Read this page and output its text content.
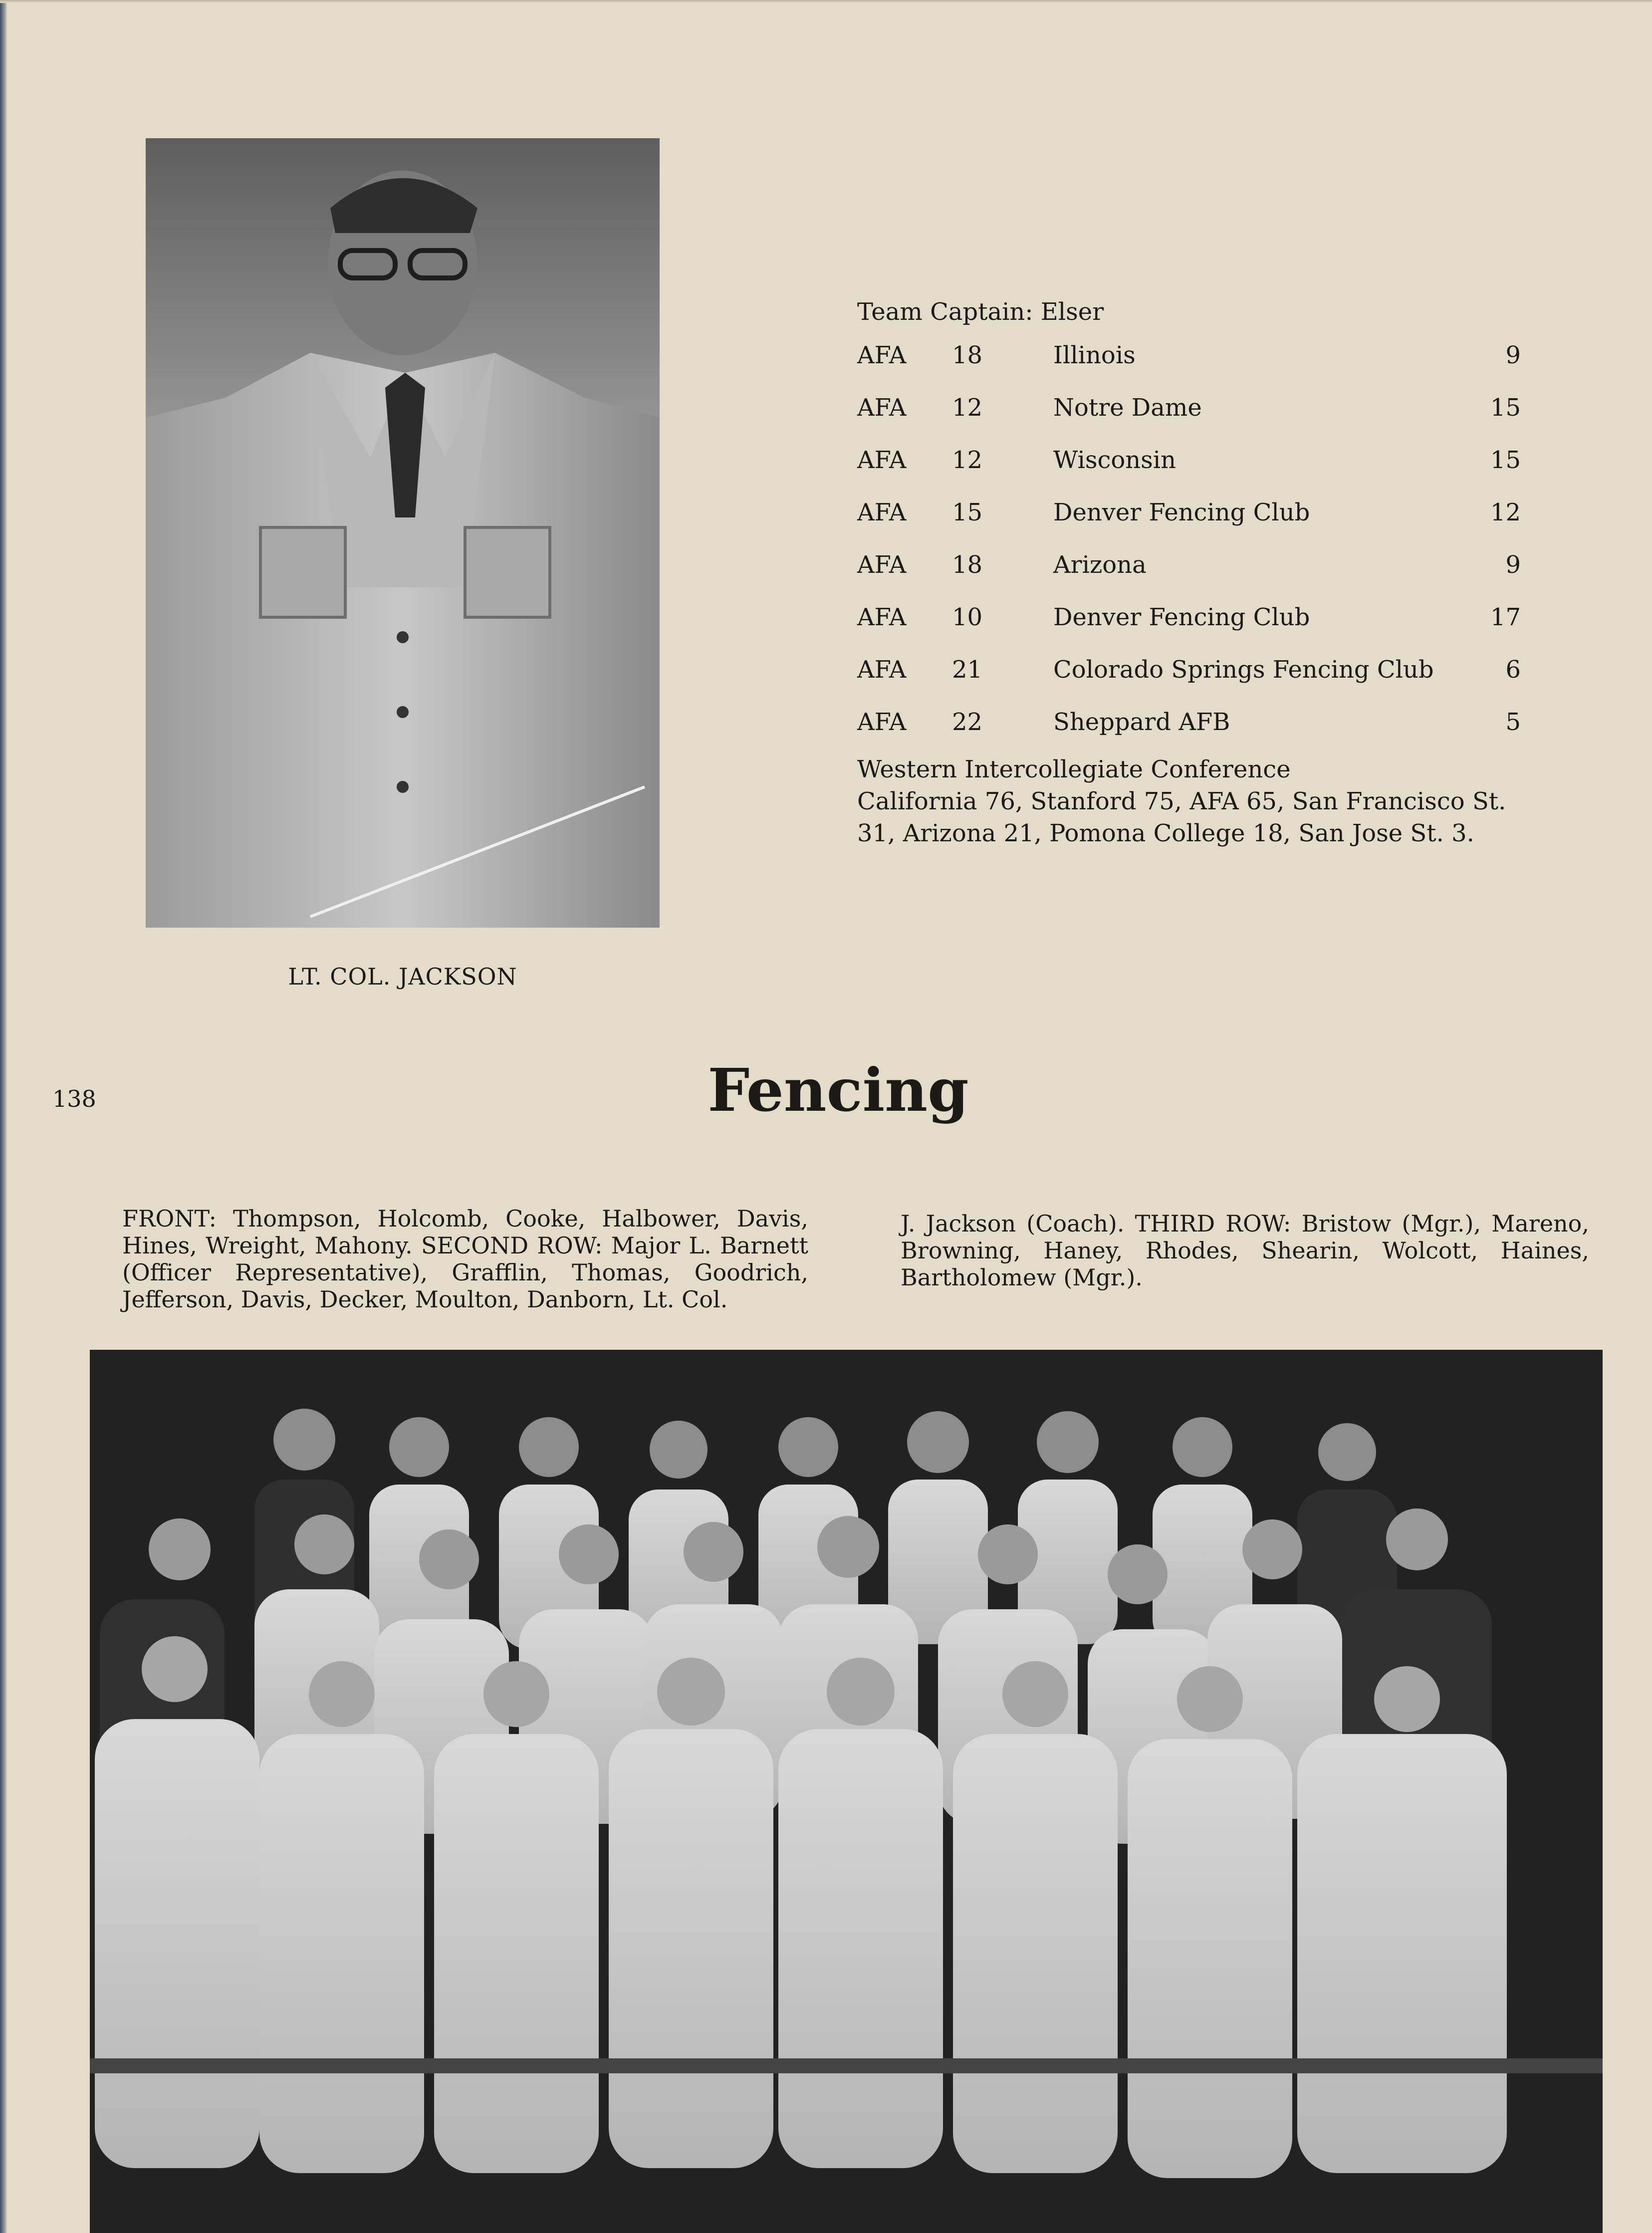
LT. COL. JACKSON
Team Captain: Elser
AFA 18	Illinois	9
AFA 12	Notre Dame	15
AFA 12	Wisconsin	15
AFA 15	Denver Fencing Club	12
AFA 18	Arizona	9
AFA 10	Denver Fencing Club	17
AFA 21	Colorado Springs Fencing Club	6
AFA 22	Sheppard AFB	5
Western Intercollegiate Conference
California 76, Stanford 75, AFA 65, San Francisco St. 31, Arizona 21, Pomona College 18, San Jose St. 3.
138	Fencing
FRONT: Thompson, Holcomb, Cooke, Halbower, Davis, Hines, Wreight, Mahony. SECOND ROW: Major L. Barnett (Officer Representative), Grafflin, Thomas, Goodrich, Jefferson, Davis, Decker, Moulton, Danborn, Lt. Col.
J. Jackson (Coach). THIRD ROW: Bristow (Mgr.), Mareno, Browning, Haney, Rhodes, Shearin, Wolcott, Haines, Bartholomew (Mgr.).
